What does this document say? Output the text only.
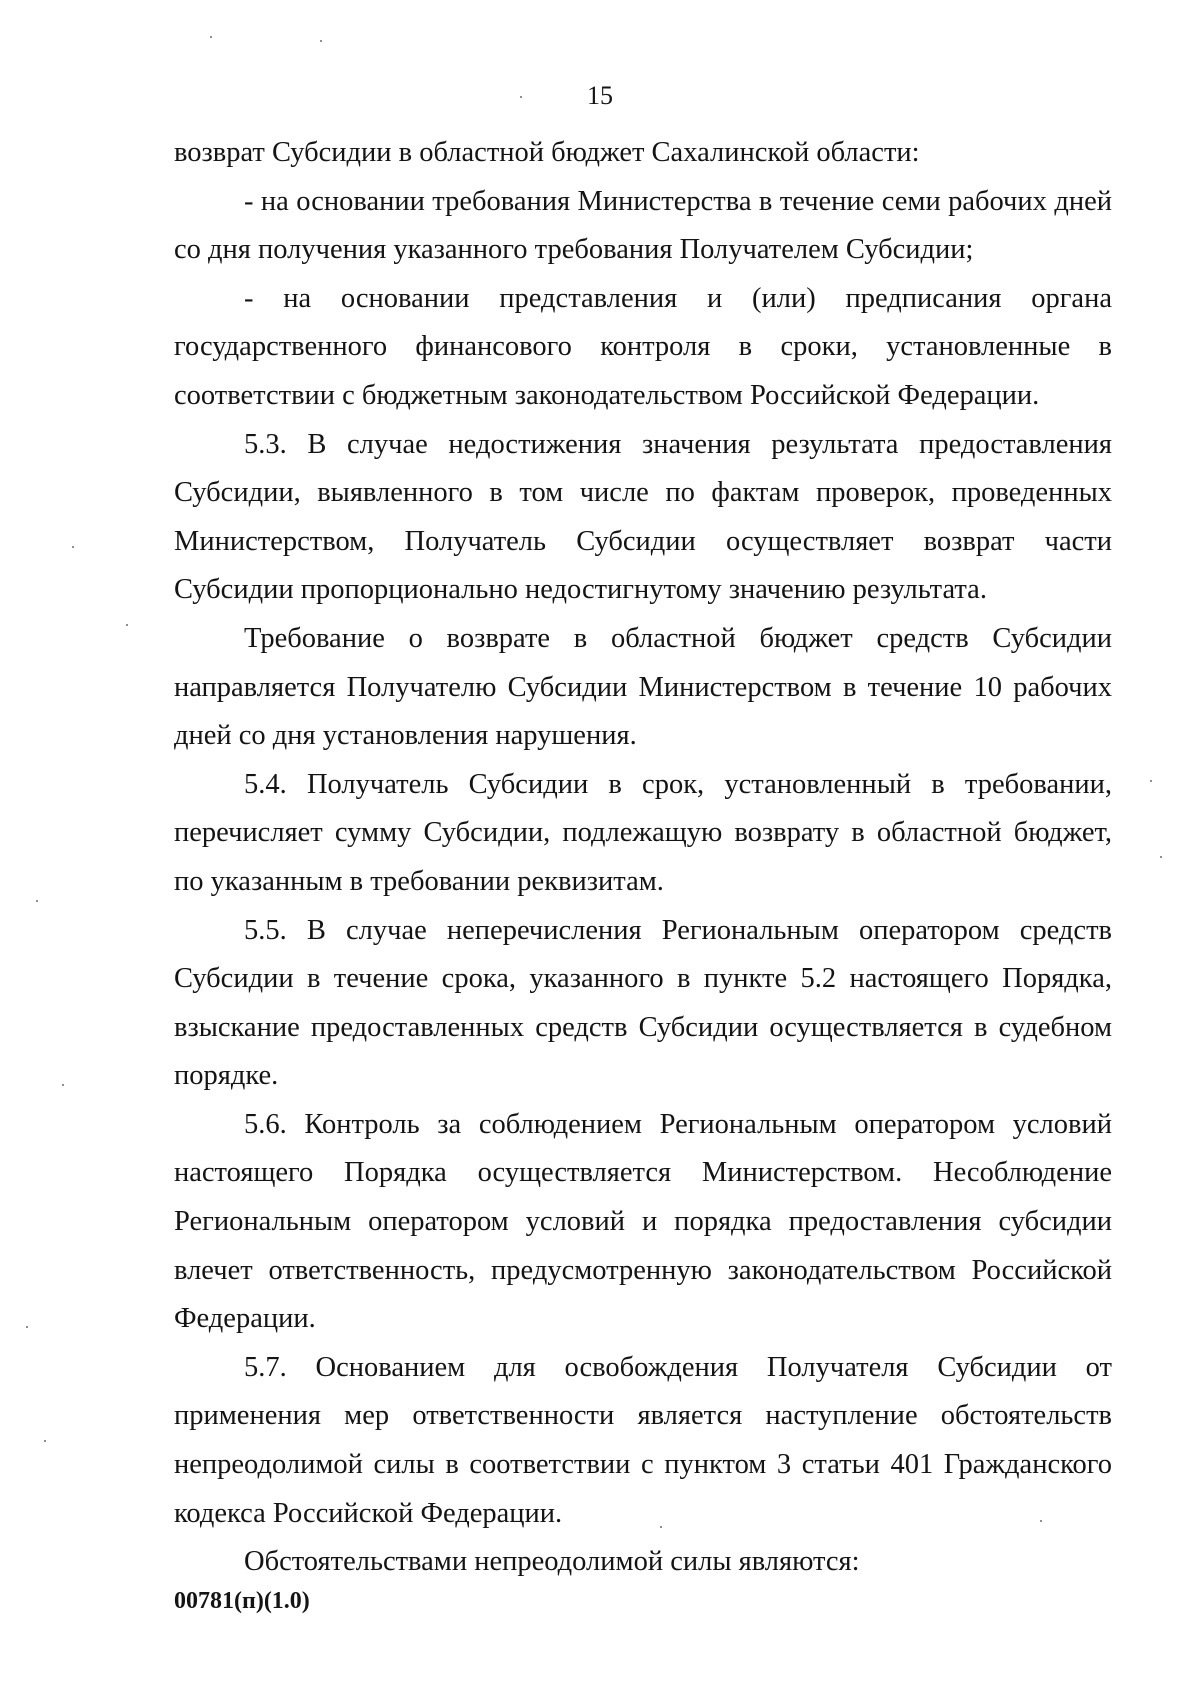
15

возврат Субсидии в областной бюджет Сахалинской области:

- на основании требования Министерства в течение семи рабочих дней со дня получения указанного требования Получателем Субсидии;

- на основании представления и (или) предписания органа государственного финансового контроля в сроки, установленные в соответствии с бюджетным законодательством Российской Федерации.

5.3. В случае недостижения значения результата предоставления Субсидии, выявленного в том числе по фактам проверок, проведенных Министерством, Получатель Субсидии осуществляет возврат части Субсидии пропорционально недостигнутому значению результата.

Требование о возврате в областной бюджет средств Субсидии направляется Получателю Субсидии Министерством в течение 10 рабочих дней со дня установления нарушения.

5.4. Получатель Субсидии в срок, установленный в требовании, перечисляет сумму Субсидии, подлежащую возврату в областной бюджет, по указанным в требовании реквизитам.

5.5. В случае неперечисления Региональным оператором средств Субсидии в течение срока, указанного в пункте 5.2 настоящего Порядка, взыскание предоставленных средств Субсидии осуществляется в судебном порядке.

5.6. Контроль за соблюдением Региональным оператором условий настоящего Порядка осуществляется Министерством. Несоблюдение Региональным оператором условий и порядка предоставления субсидии влечет ответственность, предусмотренную законодательством Российской Федерации.

5.7. Основанием для освобождения Получателя Субсидии от применения мер ответственности является наступление обстоятельств непреодолимой силы в соответствии с пунктом 3 статьи 401 Гражданского кодекса Российской Федерации.

Обстоятельствами непреодолимой силы являются:

00781(п)(1.0)
